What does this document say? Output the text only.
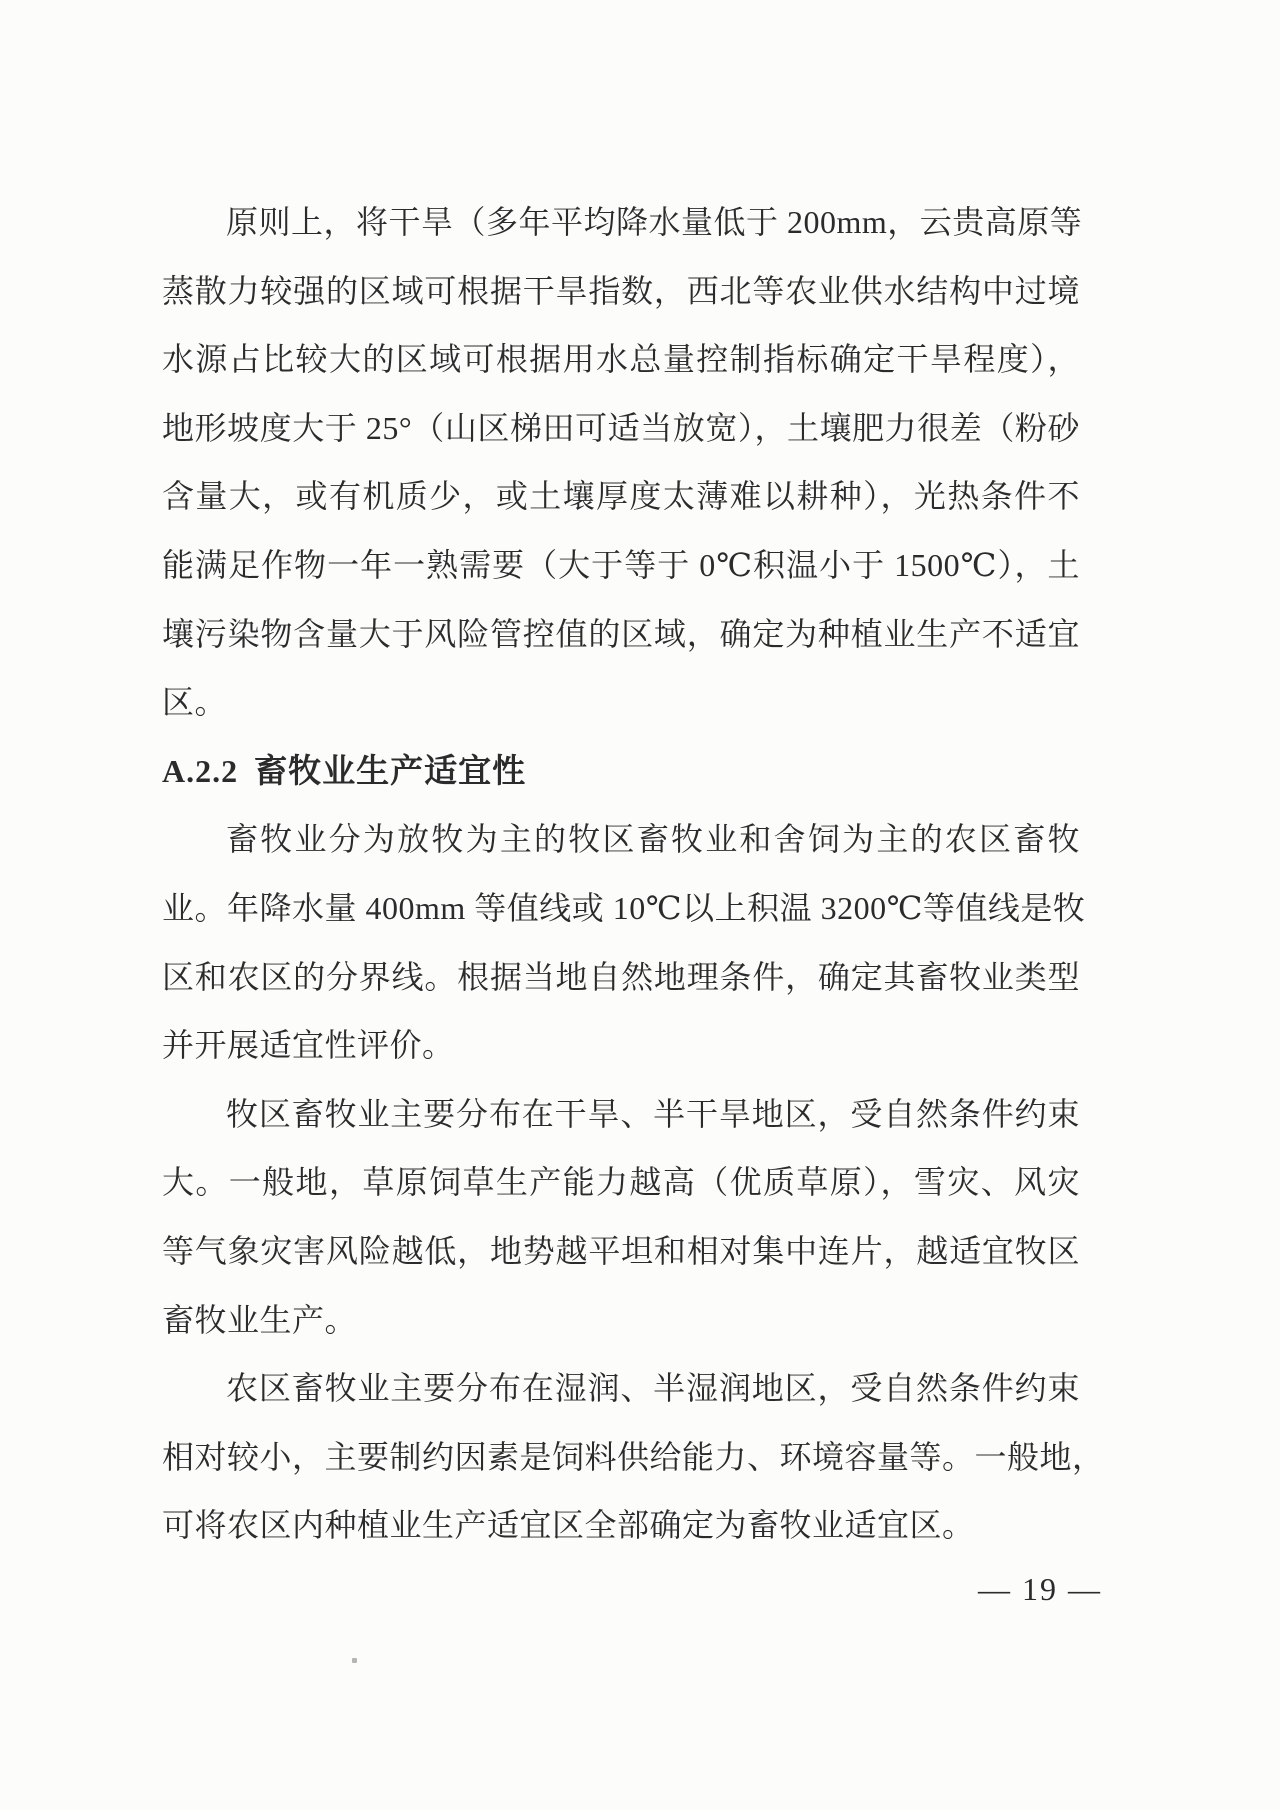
原则上，将干旱（多年平均降水量低于 200mm，云贵高原等
蒸散力较强的区域可根据干旱指数，西北等农业供水结构中过境
水源占比较大的区域可根据用水总量控制指标确定干旱程度），
地形坡度大于 25°（山区梯田可适当放宽），土壤肥力很差（粉砂
含量大，或有机质少，或土壤厚度太薄难以耕种），光热条件不
能满足作物一年一熟需要（大于等于 0℃积温小于 1500℃），土
壤污染物含量大于风险管控值的区域，确定为种植业生产不适宜
区。
A.2.2 畜牧业生产适宜性
畜牧业分为放牧为主的牧区畜牧业和舍饲为主的农区畜牧
业。年降水量 400mm 等值线或 10℃以上积温 3200℃等值线是牧
区和农区的分界线。根据当地自然地理条件，确定其畜牧业类型
并开展适宜性评价。
牧区畜牧业主要分布在干旱、半干旱地区，受自然条件约束
大。一般地，草原饲草生产能力越高（优质草原），雪灾、风灾
等气象灾害风险越低，地势越平坦和相对集中连片，越适宜牧区
畜牧业生产。
农区畜牧业主要分布在湿润、半湿润地区，受自然条件约束
相对较小，主要制约因素是饲料供给能力、环境容量等。一般地，
可将农区内种植业生产适宜区全部确定为畜牧业适宜区。
— 19 —
